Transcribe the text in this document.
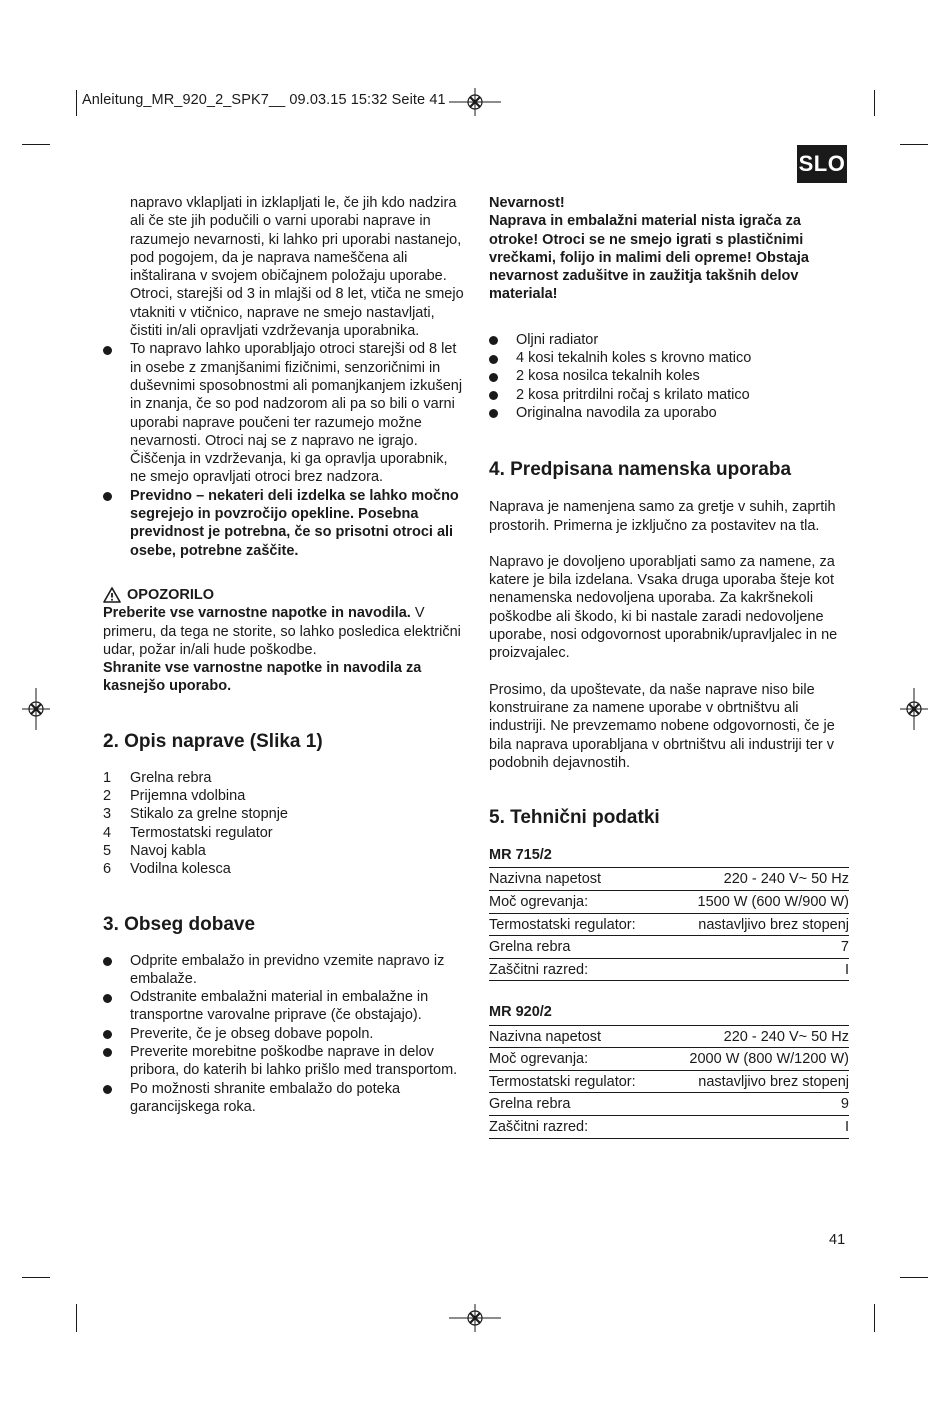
Anleitung_MR_920_2_SPK7__ 09.03.15 15:32 Seite 41
SLO

napravo vklapljati in izklapljati le, če jih kdo nadzira ali če ste jih podučili o varni uporabi naprave in razumejo nevarnosti, ki lahko pri uporabi nastanejo, pod pogojem, da je naprava nameščena ali inštalirana v svojem običajnem položaju uporabe. Otroci, starejši od 3 in mlajši od 8 let, vtiča ne smejo vtakniti v vtičnico, naprave ne smejo nastavljati, čistiti in/ali opravljati vzdrževanja uporabnika.

To napravo lahko uporabljajo otroci starejši od 8 let in osebe z zmanjšanimi fizičnimi, senzoričnimi in duševnimi sposobnostmi ali pomanjkanjem izkušenj in znanja, če so pod nadzorom ali pa so bili o varni uporabi naprave poučeni ter razumejo možne nevarnosti. Otroci naj se z napravo ne igrajo. Čiščenja in vzdrževanja, ki ga opravlja uporabnik, ne smejo opravljati otroci brez nadzora.
Previdno – nekateri deli izdelka se lahko močno segrejejo in povzročijo opekline. Posebna previdnost je potrebna, če so prisotni otroci ali osebe, potrebne zaščite.
OPOZORILO

Preberite vse varnostne napotke in navodila. V primeru, da tega ne storite, so lahko posledica električni udar, požar in/ali hude poškodbe.

Shranite vse varnostne napotke in navodila za kasnejšo uporabo.

2. Opis naprave (Slika 1)
1 Grelna rebra
2 Prijemna vdolbina
3 Stikalo za grelne stopnje
4 Termostatski regulator
5 Navoj kabla
6 Vodilna kolesca
3. Obseg dobave
Odprite embalažo in previdno vzemite napravo iz embalaže.
Odstranite embalažni material in embalažne in transportne varovalne priprave (če obstajajo).
Preverite, če je obseg dobave popoln.
Preverite morebitne poškodbe naprave in delov pribora, do katerih bi lahko prišlo med transportom.
Po možnosti shranite embalažo do poteka garancijskega roka.

Nevarnost!

Naprava in embalažni material nista igrača za otroke! Otroci se ne smejo igrati s plastičnimi vrečkami, folijo in malimi deli opreme! Obstaja nevarnost zadušitve in zaužitja takšnih delov materiala!

Oljni radiator
4 kosi tekalnih koles s krovno matico
2 kosa nosilca tekalnih koles
2 kosa pritrdilni ročaj s krilato matico
Originalna navodila za uporabo
4. Predpisana namenska uporaba

Naprava je namenjena samo za gretje v suhih, zaprtih prostorih. Primerna je izključno za postavitev na tla.

Napravo je dovoljeno uporabljati samo za namene, za katere je bila izdelana. Vsaka druga uporaba šteje kot nenamenska nedovoljena uporaba. Za kakršnekoli poškodbe ali škodo, ki bi nastale zaradi nedovoljene uporabe, nosi odgovornost uporabnik/upravljalec in ne proizvajalec.

Prosimo, da upoštevate, da naše naprave niso bile konstruirane za namene uporabe v obrtništvu ali industriji. Ne prevzemamo nobene odgovornosti, če je bila naprava uporabljana v obrtništvu ali industriji ter v podobnih dejavnostih.

5. Tehnični podatki

MR 715/2

Nazivna napetost	220 - 240 V~ 50 Hz
Moč ogrevanja:	1500 W (600 W/900 W)
Termostatski regulator:	nastavljivo brez stopenj
Grelna rebra	7
Zaščitni razred:	I

MR 920/2

Nazivna napetost	220 - 240 V~ 50 Hz
Moč ogrevanja:	2000 W (800 W/1200 W)
Termostatski regulator:	nastavljivo brez stopenj
Grelna rebra	9
Zaščitni razred:	I
41
